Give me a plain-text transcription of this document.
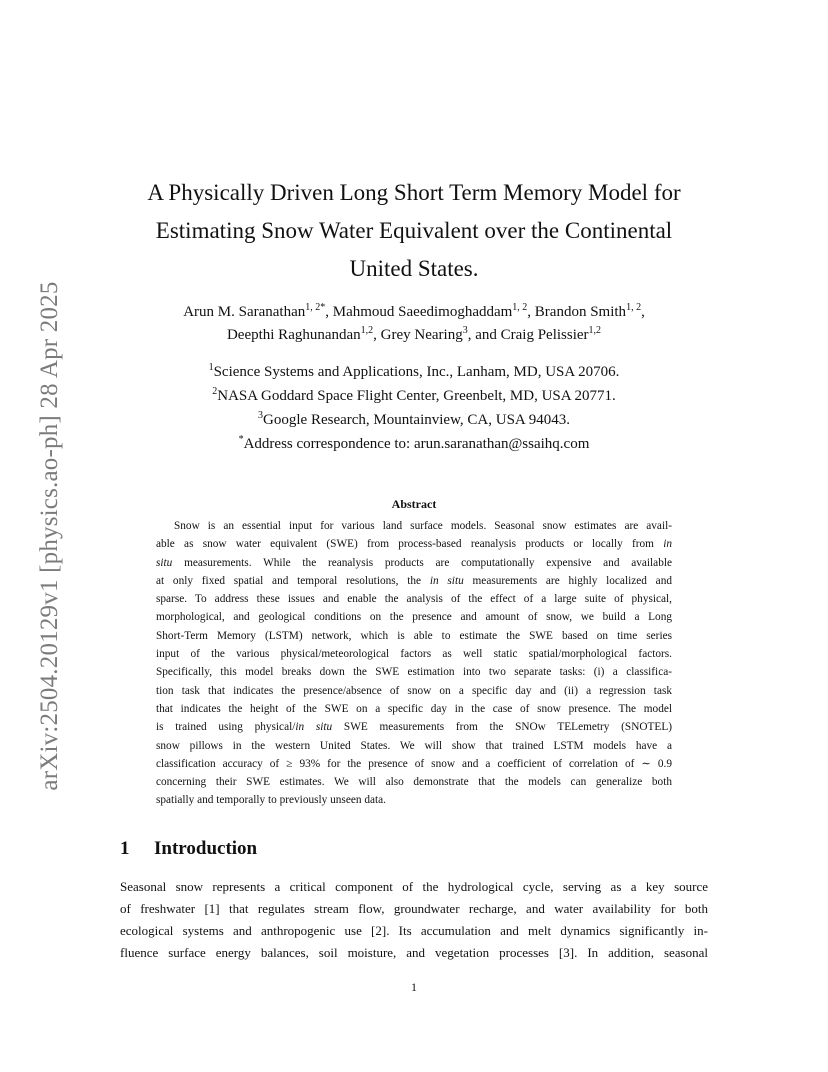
arXiv:2504.20129v1 [physics.ao-ph] 28 Apr 2025
A Physically Driven Long Short Term Memory Model for
Estimating Snow Water Equivalent over the Continental
United States.
Arun M. Saranathan$^{1, 2*}$, Mahmoud Saeedimoghaddam$^{1, 2}$, Brandon Smith$^{1, 2}$,
Deepthi Raghunandan$^{1,2}$, Grey Nearing$^3$, and Craig Pelissier$^{1,2}$
$^1$Science Systems and Applications, Inc., Lanham, MD, USA 20706.
$^2$NASA Goddard Space Flight Center, Greenbelt, MD, USA 20771.
$^3$Google Research, Mountainview, CA, USA 94043.
*Address correspondence to: arun.saranathan@ssaihq.com
Abstract
Snow is an essential input for various land surface models. Seasonal snow estimates are avail-
able as snow water equivalent (SWE) from process-based reanalysis products or locally from in
situ measurements. While the reanalysis products are computationally expensive and available
at only fixed spatial and temporal resolutions, the in situ measurements are highly localized and
sparse. To address these issues and enable the analysis of the effect of a large suite of physical,
morphological, and geological conditions on the presence and amount of snow, we build a Long
Short-Term Memory (LSTM) network, which is able to estimate the SWE based on time series
input of the various physical/meteorological factors as well static spatial/morphological factors.
Specifically, this model breaks down the SWE estimation into two separate tasks: (i) a classifica-
tion task that indicates the presence/absence of snow on a specific day and (ii) a regression task
that indicates the height of the SWE on a specific day in the case of snow presence. The model
is trained using physical/in situ SWE measurements from the SNOw TELemetry (SNOTEL)
snow pillows in the western United States. We will show that trained LSTM models have a
classification accuracy of ≥ 93% for the presence of snow and a coefficient of correlation of ∼ 0.9
concerning their SWE estimates. We will also demonstrate that the models can generalize both
spatially and temporally to previously unseen data.
1 Introduction
Seasonal snow represents a critical component of the hydrological cycle, serving as a key source
of freshwater [1] that regulates stream flow, groundwater recharge, and water availability for both
ecological systems and anthropogenic use [2]. Its accumulation and melt dynamics significantly in-
fluence surface energy balances, soil moisture, and vegetation processes [3]. In addition, seasonal
1
